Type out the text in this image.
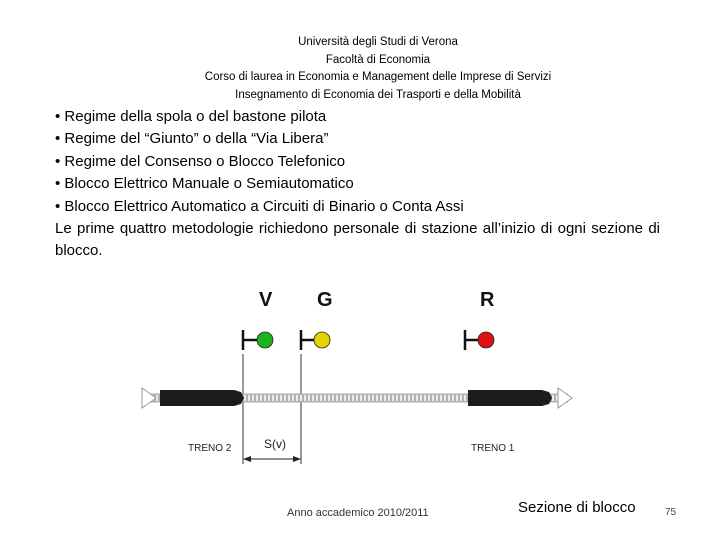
Università degli Studi di Verona
Facoltà di Economia
Corso di laurea in Economia e Management delle Imprese di Servizi
Insegnamento di Economia dei Trasporti e della Mobilità
• Regime della spola o del bastone pilota
• Regime del “Giunto” o della “Via Libera”
• Regime del Consenso o Blocco Telefonico
• Blocco Elettrico Manuale o Semiautomatico
• Blocco Elettrico Automatico a Circuiti di Binario o Conta Assi
Le prime quattro metodologie richiedono personale di stazione all’inizio di ogni sezione di blocco.
V G	R
TRENO 2	TRENO 1
S(v)
Anno accademico 2010/2011	Sezione di blocco	75
